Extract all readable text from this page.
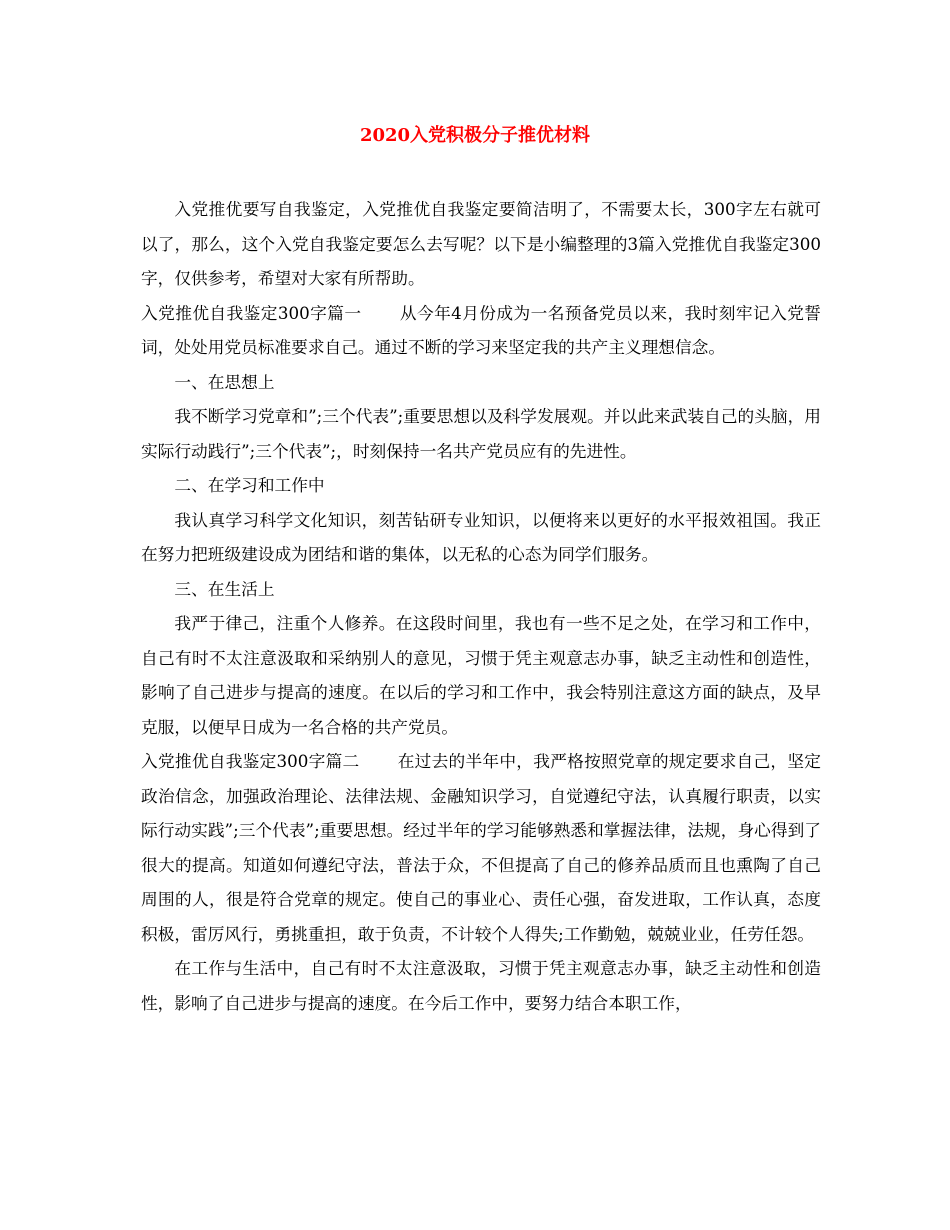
2020入党积极分子推优材料

入党推优要写自我鉴定，入党推优自我鉴定要简洁明了，不需要太长，300字左右就可以了，那么，这个入党自我鉴定要怎么去写呢？以下是小编整理的3篇入党推优自我鉴定300字，仅供参考，希望对大家有所帮助。

入党推优自我鉴定300字篇一 从今年4月份成为一名预备党员以来，我时刻牢记入党誓词，处处用党员标准要求自己。通过不断的学习来坚定我的共产主义理想信念。

一、在思想上

我不断学习党章和”;三个代表”;重要思想以及科学发展观。并以此来武装自己的头脑，用实际行动践行”;三个代表”;，时刻保持一名共产党员应有的先进性。

二、在学习和工作中

我认真学习科学文化知识，刻苦钻研专业知识，以便将来以更好的水平报效祖国。我正在努力把班级建设成为团结和谐的集体，以无私的心态为同学们服务。

三、在生活上

我严于律己，注重个人修养。在这段时间里，我也有一些不足之处，在学习和工作中，自己有时不太注意汲取和采纳别人的意见，习惯于凭主观意志办事，缺乏主动性和创造性，影响了自己进步与提高的速度。在以后的学习和工作中，我会特别注意这方面的缺点，及早克服，以便早日成为一名合格的共产党员。

入党推优自我鉴定300字篇二 在过去的半年中，我严格按照党章的规定要求自己，坚定政治信念，加强政治理论、法律法规、金融知识学习，自觉遵纪守法，认真履行职责，以实际行动实践”;三个代表”;重要思想。经过半年的学习能够熟悉和掌握法律，法规，身心得到了很大的提高。知道如何遵纪守法，普法于众，不但提高了自己的修养品质而且也熏陶了自己周围的人，很是符合党章的规定。使自己的事业心、责任心强，奋发进取，工作认真，态度积极，雷厉风行，勇挑重担，敢于负责，不计较个人得失;工作勤勉，兢兢业业，任劳任怨。

在工作与生活中，自己有时不太注意汲取，习惯于凭主观意志办事，缺乏主动性和创造性，影响了自己进步与提高的速度。在今后工作中，要努力结合本职工作，
